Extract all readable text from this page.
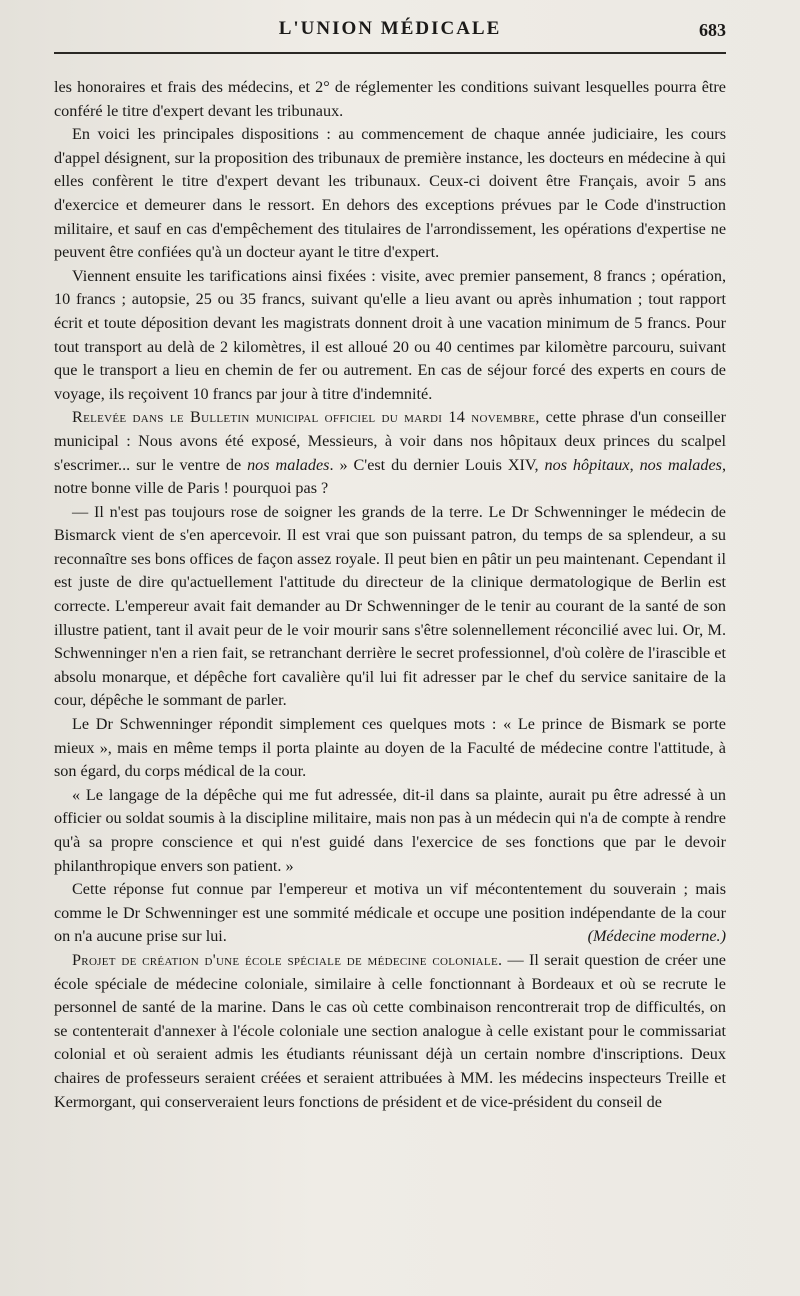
L'UNION MÉDICALE	683

les honoraires et frais des médecins, et 2° de réglementer les conditions suivant lesquelles pourra être conféré le titre d'expert devant les tribunaux.

En voici les principales dispositions : au commencement de chaque année judiciaire, les cours d'appel désignent, sur la proposition des tribunaux de première instance, les docteurs en médecine à qui elles confèrent le titre d'expert devant les tribunaux. Ceux-ci doivent être Français, avoir 5 ans d'exercice et demeurer dans le ressort. En dehors des exceptions prévues par le Code d'instruction militaire, et sauf en cas d'empêchement des titulaires de l'arrondissement, les opérations d'expertise ne peuvent être confiées qu'à un docteur ayant le titre d'expert.

Viennent ensuite les tarifications ainsi fixées : visite, avec premier pansement, 8 francs ; opération, 10 francs ; autopsie, 25 ou 35 francs, suivant qu'elle a lieu avant ou après inhumation ; tout rapport écrit et toute déposition devant les magistrats donnent droit à une vacation minimum de 5 francs. Pour tout transport au delà de 2 kilomètres, il est alloué 20 ou 40 centimes par kilomètre parcouru, suivant que le transport a lieu en chemin de fer ou autrement. En cas de séjour forcé des experts en cours de voyage, ils reçoivent 10 francs par jour à titre d'indemnité.

Relevée dans le Bulletin municipal officiel du mardi 14 novembre, cette phrase d'un conseiller municipal : Nous avons été exposé, Messieurs, à voir dans nos hôpitaux deux princes du scalpel s'escrimer... sur le ventre de nos malades. » C'est du dernier Louis XIV, nos hôpitaux, nos malades, notre bonne ville de Paris ! pourquoi pas ?

— Il n'est pas toujours rose de soigner les grands de la terre. Le Dr Schwenninger le médecin de Bismarck vient de s'en apercevoir. Il est vrai que son puissant patron, du temps de sa splendeur, a su reconnaître ses bons offices de façon assez royale. Il peut bien en pâtir un peu maintenant. Cependant il est juste de dire qu'actuellement l'attitude du directeur de la clinique dermatologique de Berlin est correcte. L'empereur avait fait demander au Dr Schwenninger de le tenir au courant de la santé de son illustre patient, tant il avait peur de le voir mourir sans s'être solennellement réconcilié avec lui. Or, M. Schwenninger n'en a rien fait, se retranchant derrière le secret professionnel, d'où colère de l'irascible et absolu monarque, et dépêche fort cavalière qu'il lui fit adresser par le chef du service sanitaire de la cour, dépêche le sommant de parler.

Le Dr Schwenninger répondit simplement ces quelques mots : « Le prince de Bismark se porte mieux », mais en même temps il porta plainte au doyen de la Faculté de médecine contre l'attitude, à son égard, du corps médical de la cour.

« Le langage de la dépêche qui me fut adressée, dit-il dans sa plainte, aurait pu être adressé à un officier ou soldat soumis à la discipline militaire, mais non pas à un médecin qui n'a de compte à rendre qu'à sa propre conscience et qui n'est guidé dans l'exercice de ses fonctions que par le devoir philanthropique envers son patient. »

Cette réponse fut connue par l'empereur et motiva un vif mécontentement du souverain ; mais comme le Dr Schwenninger est une sommité médicale et occupe une position indépendante de la cour on n'a aucune prise sur lui.	(Médecine moderne.)

Projet de création d'une école spéciale de médecine coloniale. — Il serait question de créer une école spéciale de médecine coloniale, similaire à celle fonctionnant à Bordeaux et où se recrute le personnel de santé de la marine. Dans le cas où cette combinaison rencontrerait trop de difficultés, on se contenterait d'annexer à l'école coloniale une section analogue à celle existant pour le commissariat colonial et où seraient admis les étudiants réunissant déjà un certain nombre d'inscriptions. Deux chaires de professeurs seraient créées et seraient attribuées à MM. les médecins inspecteurs Treille et Kermorgant, qui conserveraient leurs fonctions de président et de vice-président du conseil de
